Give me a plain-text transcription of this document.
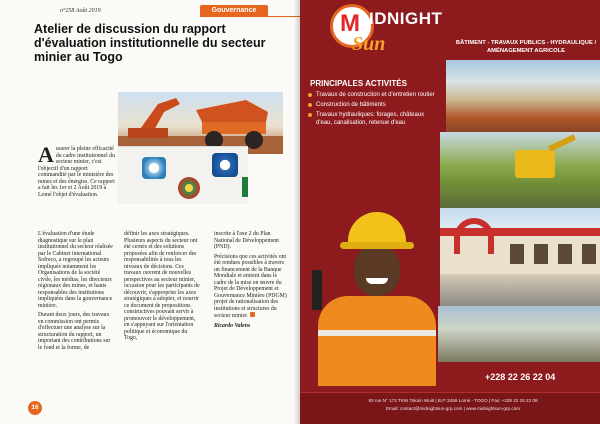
n°258 Août 2019	Gouvernance
Atelier de discussion du rapport d'évaluation institutionnelle du secteur minier au Togo
Assurer la pleine efficacité du cadre institutionnel du secteur minier, c'est l'objectif d'un rapport commandité par le ministère des mines et des énergies. Ce rapport a fait les 1er et 2 Août 2019 à Lomé l'objet d'évaluation.

L'évaluation d'une étude diagnostique sur le plan institutionnel du secteur réalisée par le Cabinet international Sofreco, a regroupé les acteurs impliqués notamment les Organisations de la société civile, les médias, les directeurs régionaux des mines, et hauts responsables des institutions impliquées dans la gouvernance minière.

Durant deux jours, des travaux en commission ont permis d'effectuer une analyse sur la structuration du rapport, un important des contributions sur le fond et la forme, de

définir les axes stratégiques. Plusieurs aspects du secteur ont été cernés et des solutions proposées afin de renforcer des responsabilités à tous les niveaux de décisions. Ces travaux ouvrent de nouvelles perspectives au secteur minier, occasion pour les participants de découvrir, s'approprier les axes stratégiques à adopter, et nourrir ce document de propositions constructives pouvant servir à promouvoir le développement, en s'appuyant sur l'orientation politique et économique du Togo,

inscrite à l'axe 2 du Plan National de Développement (PND).

Précisions que ces activités ont été rendues possibles à travers un financement de la Banque Mondiale et entrent dans le cadre de la mise en œuvre du Projet de Développement et Gouvernance Minière (PDGM) projet de rationalisation des institutions et structures du secteur minier.

Ricardo Valens

16
M IDNIGHT
Sun	BÂTIMENT - TRAVAUX PUBLICS - HYDRAULIQUE / AMÉNAGEMENT AGRICOLE
PRINCIPALES ACTIVITÉS
Travaux de construction et d'entretien routier
Construction de bâtiments
Travaux hydrauliques: forages, châteaux d'eau, canalisation, retenue d'eau
+228 22 26 22 04
93 rue N° 173 TKW Tokoin Wuiti | B.P.:2459 Lomé - TOGO | Fax: +228 22 26 22 08
Email: contact@midnightsun-grp.com | www.midnightsun-grp.com
